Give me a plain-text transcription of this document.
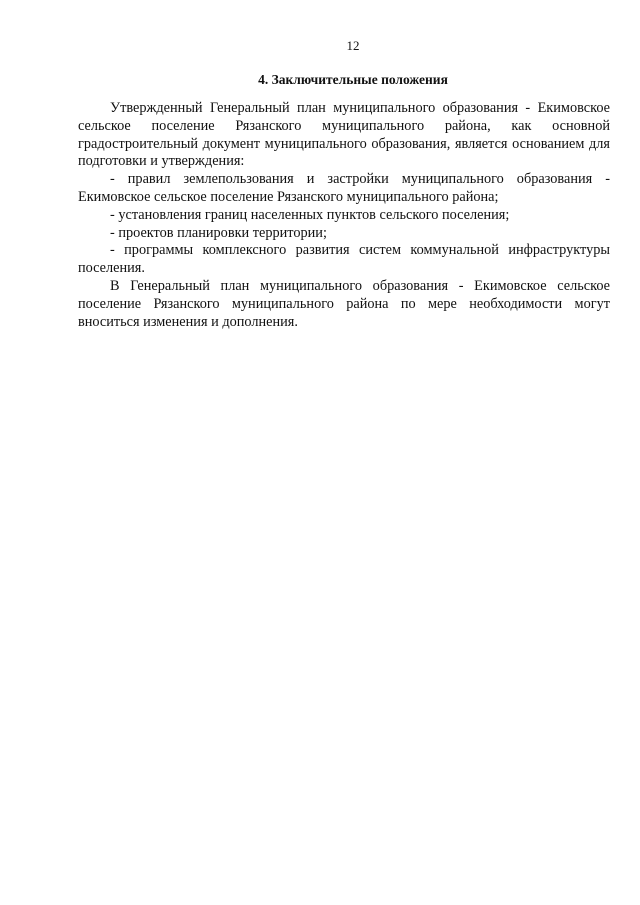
12
4. Заключительные положения

Утвержденный Генеральный план муниципального образования - Екимовское сельское поселение Рязанского муниципального района, как основной градостроительный документ муниципального образования, является основанием для подготовки и утверждения:

- правил землепользования и застройки муниципального образования - Екимовское сельское поселение Рязанского муниципального района;

- установления границ населенных пунктов сельского поселения;

- проектов планировки территории;

- программы комплексного развития систем коммунальной инфраструктуры поселения.

В Генеральный план муниципального образования - Екимовское сельское поселение Рязанского муниципального района по мере необходимости могут вноситься изменения и дополнения.
